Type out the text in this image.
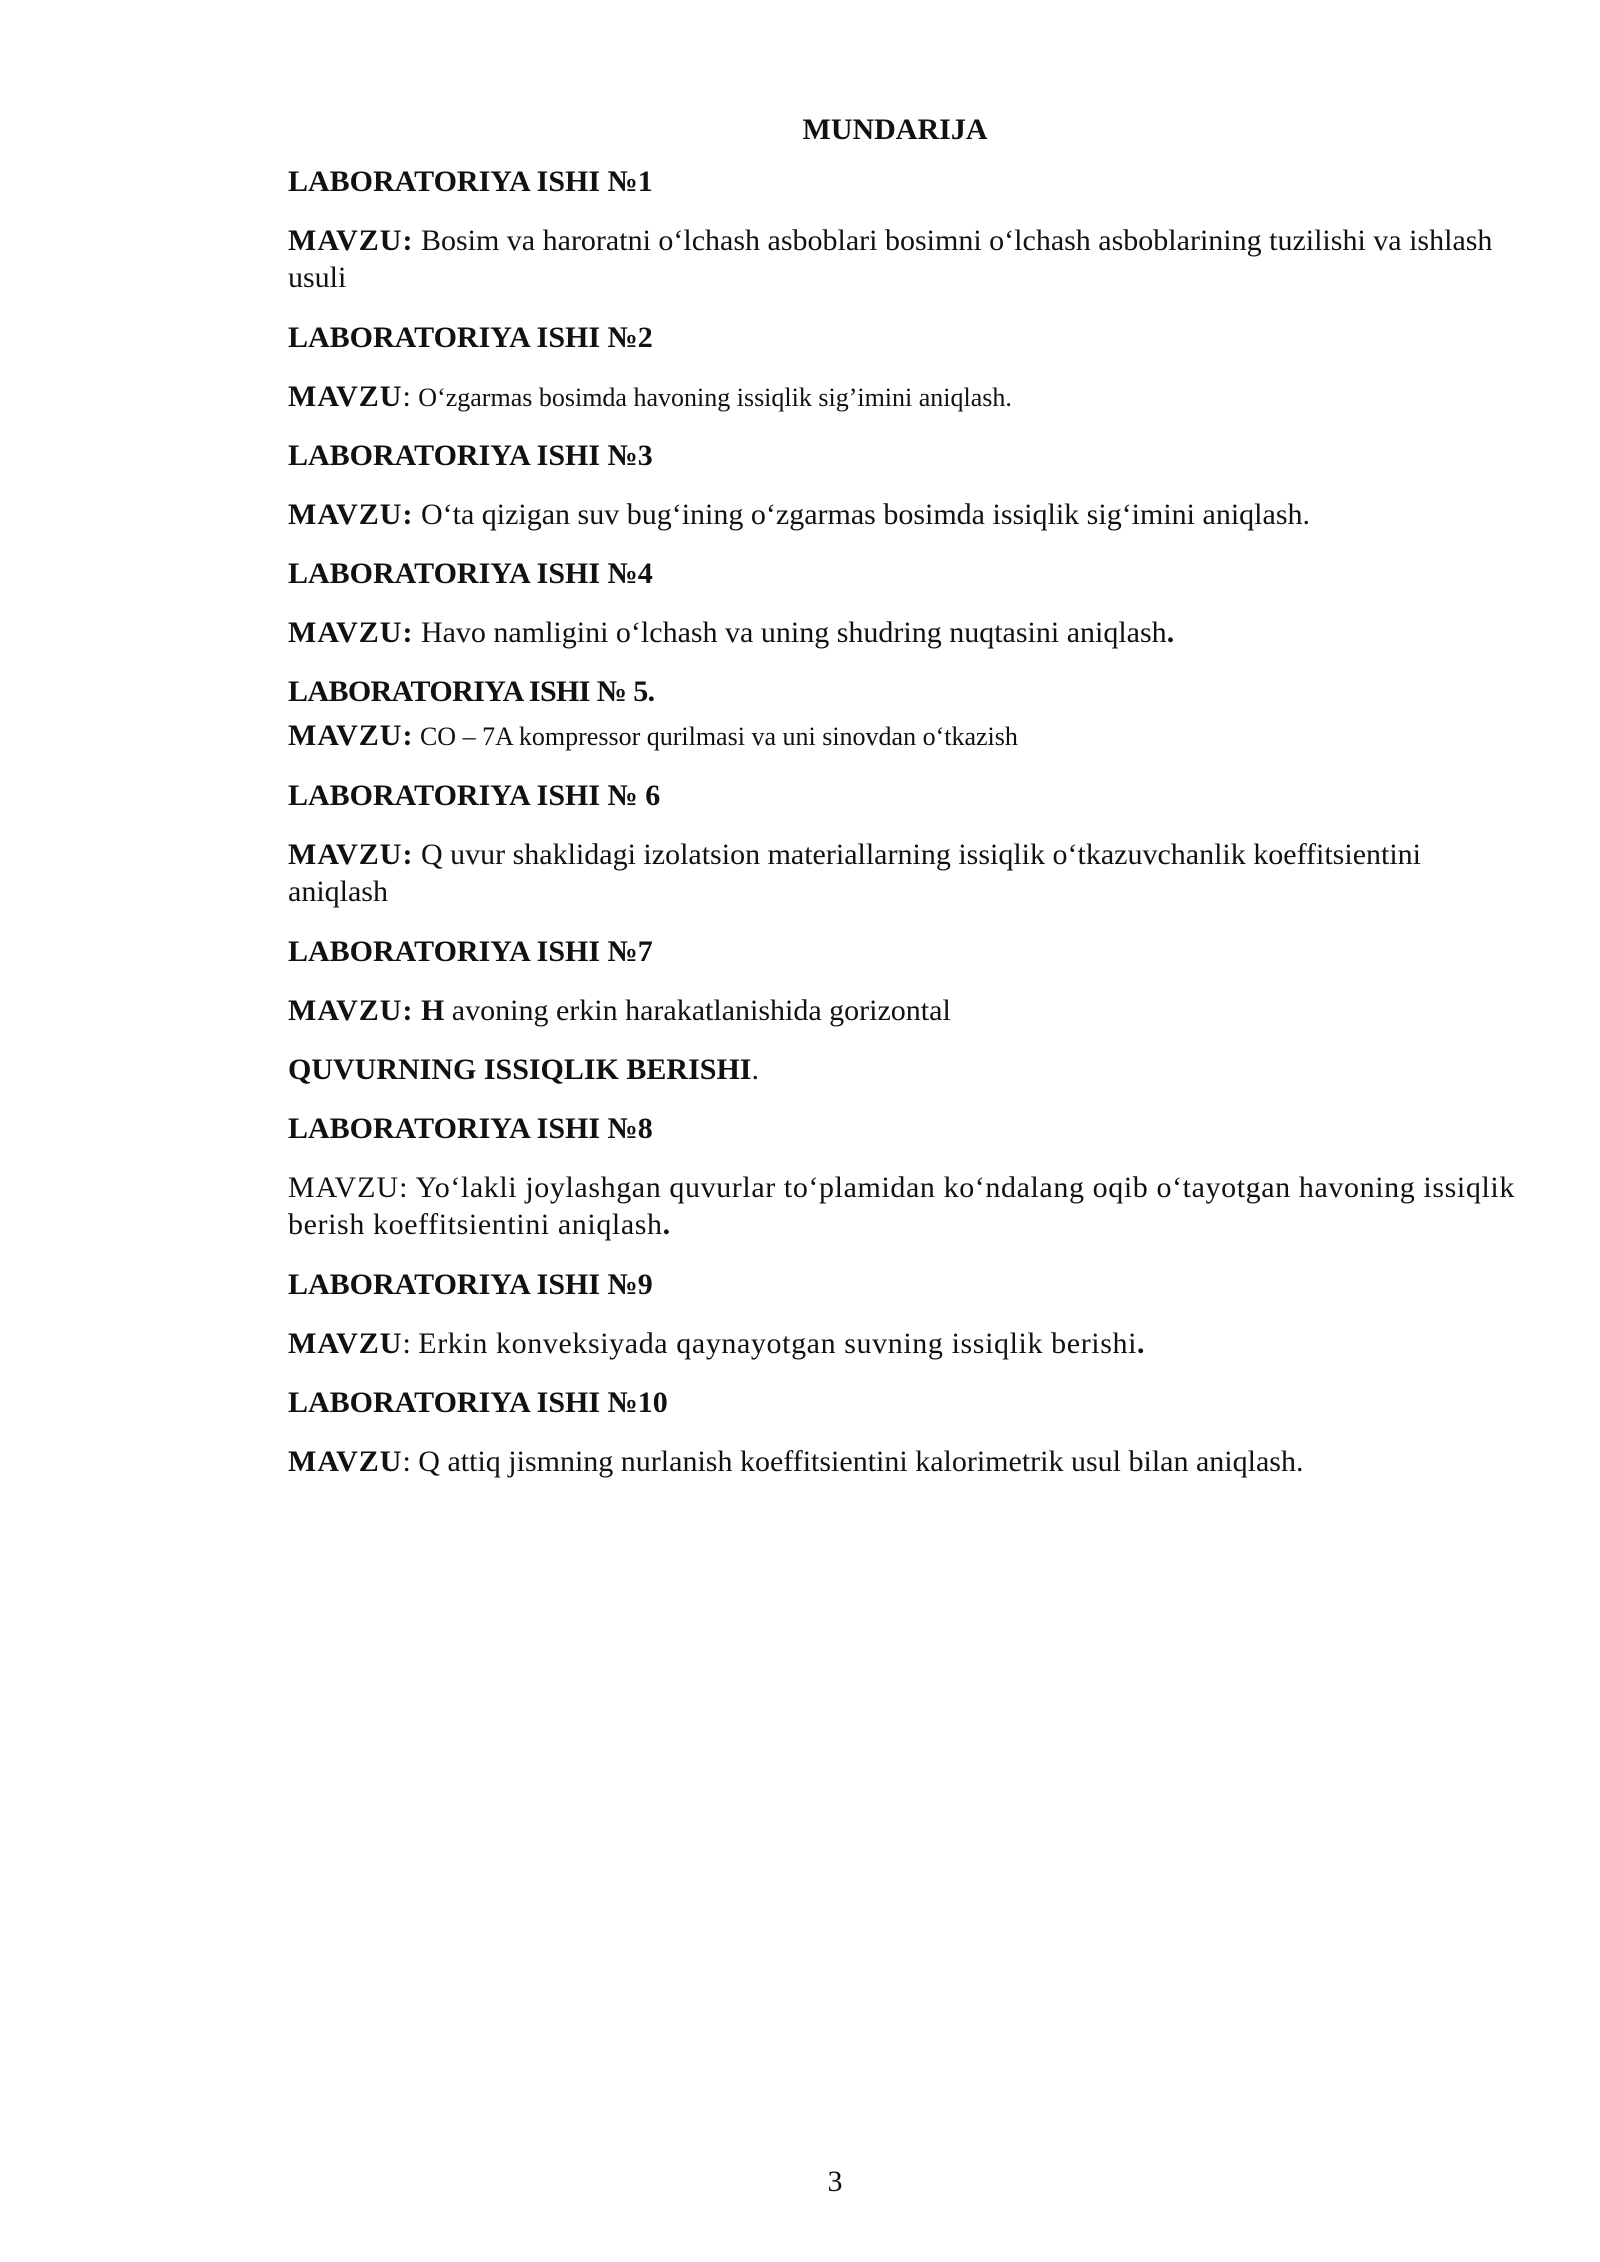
MUNDARIJA
LABORATORIYA ISHI №1
MAVZU: Bosim va haroratni o‘lchash asboblari bosimni o‘lchash asboblarining tuzilishi va ishlash usuli
LABORATORIYA ISHI №2
MAVZU: O‘zgarmas bosimda havoning issiqlik sig’imini aniqlash.
LABORATORIYA ISHI №3
MAVZU: O‘ta qizigan suv bug‘ining o‘zgarmas bosimda issiqlik sig‘imini aniqlash.
LABORATORIYA ISHI №4
MAVZU: Havo namligini o‘lchash va uning shudring nuqtasini aniqlash.
LABORATORIYA ISHI № 5.
MAVZU: CO – 7A kompressor qurilmasi va uni sinovdan o‘tkazish
LABORATORIYA ISHI № 6
MAVZU: Q uvur shaklidagi izolatsion materiallarning issiqlik o‘tkazuvchanlik koeffitsientini aniqlash
LABORATORIYA ISHI №7
MAVZU: H avoning erkin harakatlanishida gorizontal
QUVURNING ISSIQLIK BERISHI.
LABORATORIYA ISHI №8
MAVZU: Yo‘lakli joylashgan quvurlar to‘plamidan ko‘ndalang oqib o‘tayotgan havoning issiqlik berish koeffitsientini aniqlash.
LABORATORIYA ISHI №9
MAVZU: Erkin konveksiyada qaynayotgan suvning issiqlik berishi.
LABORATORIYA ISHI №10
MAVZU: Q attiq jismning nurlanish koeffitsientini kalorimetrik usul bilan aniqlash.
3
